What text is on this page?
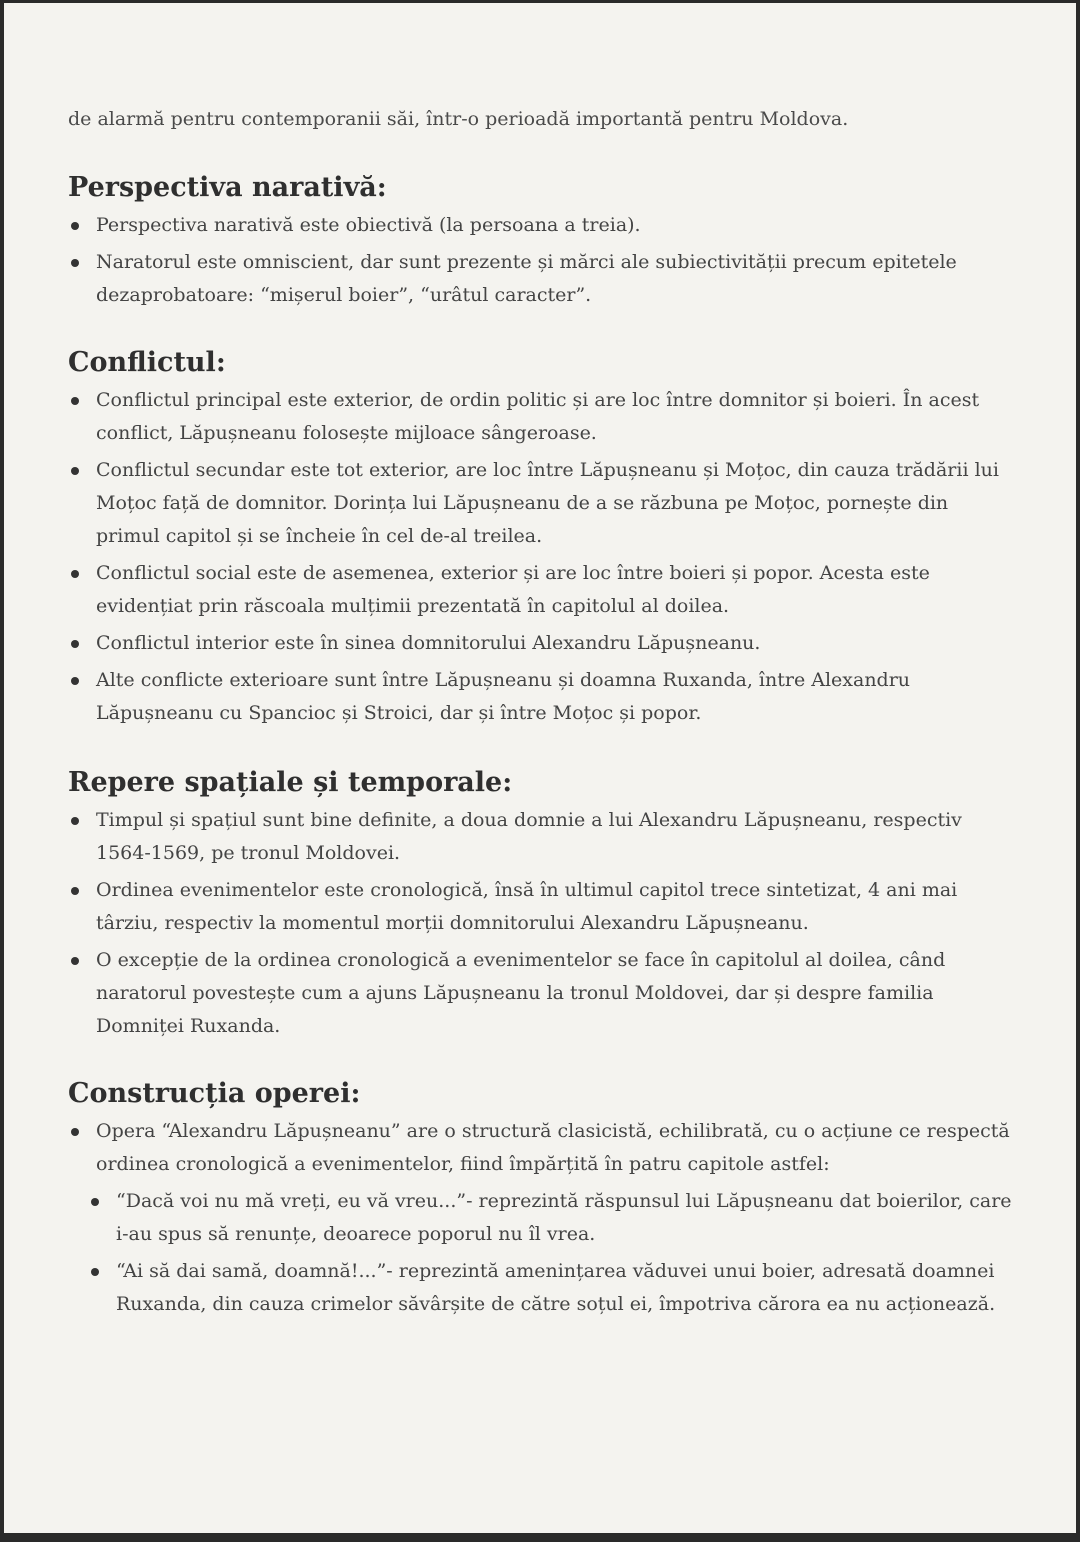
de alarmă pentru contemporanii săi, într-o perioadă importantă pentru Moldova.

Perspectiva narativă:
Perspectiva narativă este obiectivă (la persoana a treia).
Naratorul este omniscient, dar sunt prezente și mărci ale subiectivității precum epitetele dezaprobatoare: “mișerul boier”, “urâtul caracter”.
Conflictul:
Conflictul principal este exterior, de ordin politic și are loc între domnitor și boieri. În acest conflict, Lăpușneanu folosește mijloace sângeroase.
Conflictul secundar este tot exterior, are loc între Lăpușneanu și Moțoc, din cauza trădării lui Moțoc față de domnitor. Dorința lui Lăpușneanu de a se răzbuna pe Moțoc, pornește din primul capitol și se încheie în cel de-al treilea.
Conflictul social este de asemenea, exterior și are loc între boieri și popor. Acesta este evidențiat prin răscoala mulțimii prezentată în capitolul al doilea.
Conflictul interior este în sinea domnitorului Alexandru Lăpușneanu.
Alte conflicte exterioare sunt între Lăpușneanu și doamna Ruxanda, între Alexandru Lăpușneanu cu Spancioc și Stroici, dar și între Moțoc și popor.
Repere spațiale și temporale:
Timpul și spațiul sunt bine definite, a doua domnie a lui Alexandru Lăpușneanu, respectiv 1564-1569, pe tronul Moldovei.
Ordinea evenimentelor este cronologică, însă în ultimul capitol trece sintetizat, 4 ani mai târziu, respectiv la momentul morții domnitorului Alexandru Lăpușneanu.
O excepție de la ordinea cronologică a evenimentelor se face în capitolul al doilea, când naratorul povestește cum a ajuns Lăpușneanu la tronul Moldovei, dar și despre familia Domniței Ruxanda.
Construcția operei:
Opera “Alexandru Lăpușneanu” are o structură clasicistă, echilibrată, cu o acțiune ce respectă ordinea cronologică a evenimentelor, fiind împărțită în patru capitole astfel:
“Dacă voi nu mă vreți, eu vă vreu...”- reprezintă răspunsul lui Lăpușneanu dat boierilor, care i-au spus să renunțe, deoarece poporul nu îl vrea.
“Ai să dai samă, doamnă!...”- reprezintă amenințarea văduvei unui boier, adresată doamnei Ruxanda, din cauza crimelor săvârșite de către soțul ei, împotriva cărora ea nu acționează.
